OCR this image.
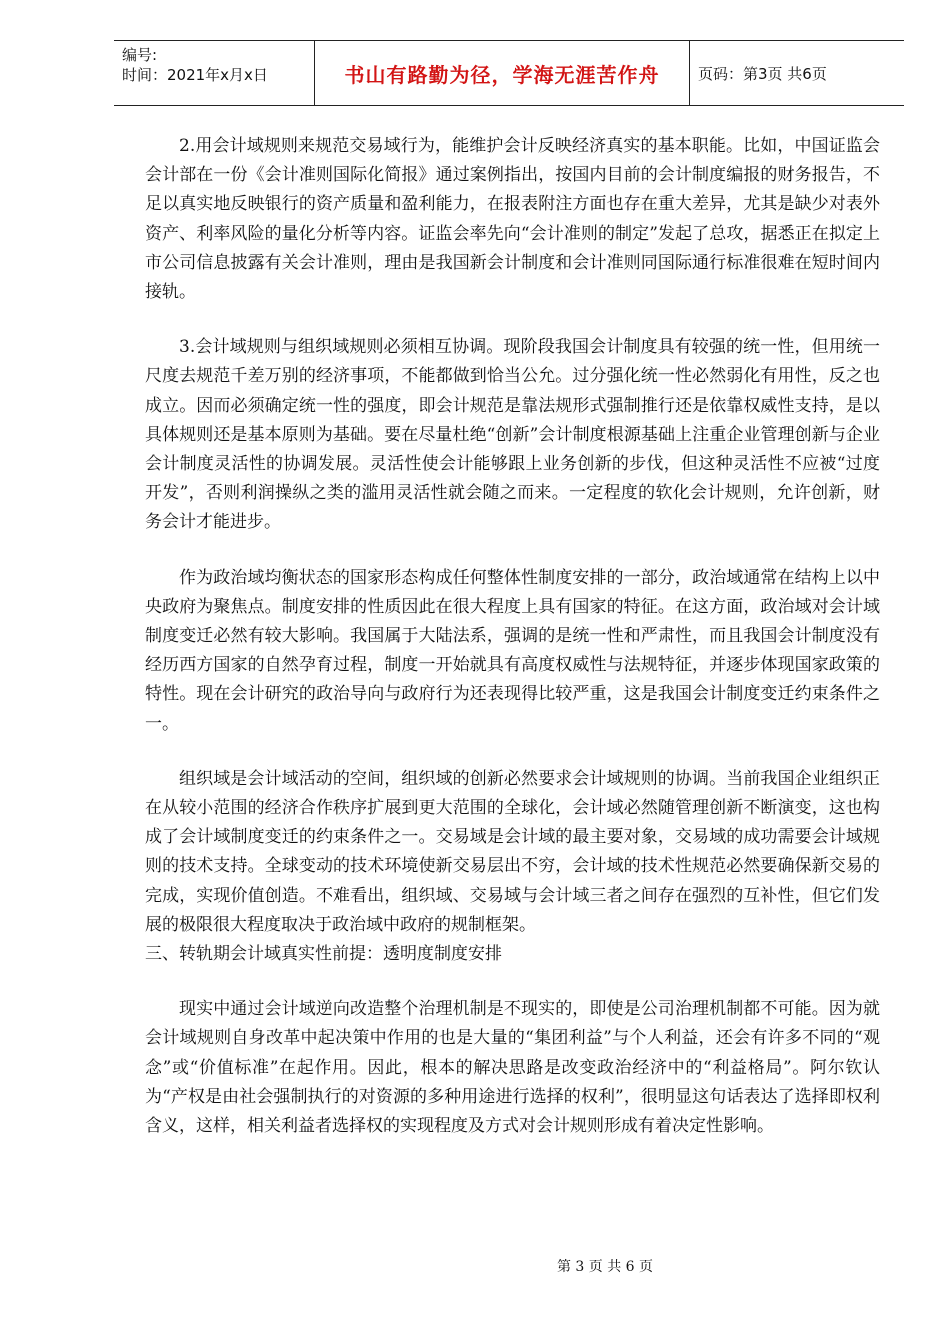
编号:
时间：2021年x月x日	书山有路勤为径，学海无涯苦作舟	页码：第3页 共6页

2.用会计域规则来规范交易域行为，能维护会计反映经济真实的基本职能。比如，中国证监会会计部在一份《会计准则国际化简报》通过案例指出，按国内目前的会计制度编报的财务报告，不足以真实地反映银行的资产质量和盈利能力，在报表附注方面也存在重大差异，尤其是缺少对表外资产、利率风险的量化分析等内容。证监会率先向“会计准则的制定”发起了总攻，据悉正在拟定上市公司信息披露有关会计准则，理由是我国新会计制度和会计准则同国际通行标准很难在短时间内接轨。

3.会计域规则与组织域规则必须相互协调。现阶段我国会计制度具有较强的统一性，但用统一尺度去规范千差万别的经济事项，不能都做到恰当公允。过分强化统一性必然弱化有用性，反之也成立。因而必须确定统一性的强度，即会计规范是靠法规形式强制推行还是依靠权威性支持，是以具体规则还是基本原则为基础。要在尽量杜绝“创新”会计制度根源基础上注重企业管理创新与企业会计制度灵活性的协调发展。灵活性使会计能够跟上业务创新的步伐，但这种灵活性不应被“过度开发”，否则利润操纵之类的滥用灵活性就会随之而来。一定程度的软化会计规则，允许创新，财务会计才能进步。

作为政治域均衡状态的国家形态构成任何整体性制度安排的一部分，政治域通常在结构上以中央政府为聚焦点。制度安排的性质因此在很大程度上具有国家的特征。在这方面，政治域对会计域制度变迁必然有较大影响。我国属于大陆法系，强调的是统一性和严肃性，而且我国会计制度没有经历西方国家的自然孕育过程，制度一开始就具有高度权威性与法规特征，并逐步体现国家政策的特性。现在会计研究的政治导向与政府行为还表现得比较严重，这是我国会计制度变迁约束条件之一。

组织域是会计域活动的空间，组织域的创新必然要求会计域规则的协调。当前我国企业组织正在从较小范围的经济合作秩序扩展到更大范围的全球化，会计域必然随管理创新不断演变，这也构成了会计域制度变迁的约束条件之一。交易域是会计域的最主要对象，交易域的成功需要会计域规则的技术支持。全球变动的技术环境使新交易层出不穷，会计域的技术性规范必然要确保新交易的完成，实现价值创造。不难看出，组织域、交易域与会计域三者之间存在强烈的互补性，但它们发展的极限很大程度取决于政治域中政府的规制框架。

三、转轨期会计域真实性前提：透明度制度安排

现实中通过会计域逆向改造整个治理机制是不现实的，即使是公司治理机制都不可能。因为就会计域规则自身改革中起决策中作用的也是大量的“集团利益”与个人利益，还会有许多不同的“观念”或“价值标准”在起作用。因此，根本的解决思路是改变政治经济中的“利益格局”。阿尔钦认为“产权是由社会强制执行的对资源的多种用途进行选择的权利”，很明显这句话表达了选择即权利含义，这样，相关利益者选择权的实现程度及方式对会计规则形成有着决定性影响。

第 3 页 共 6 页
